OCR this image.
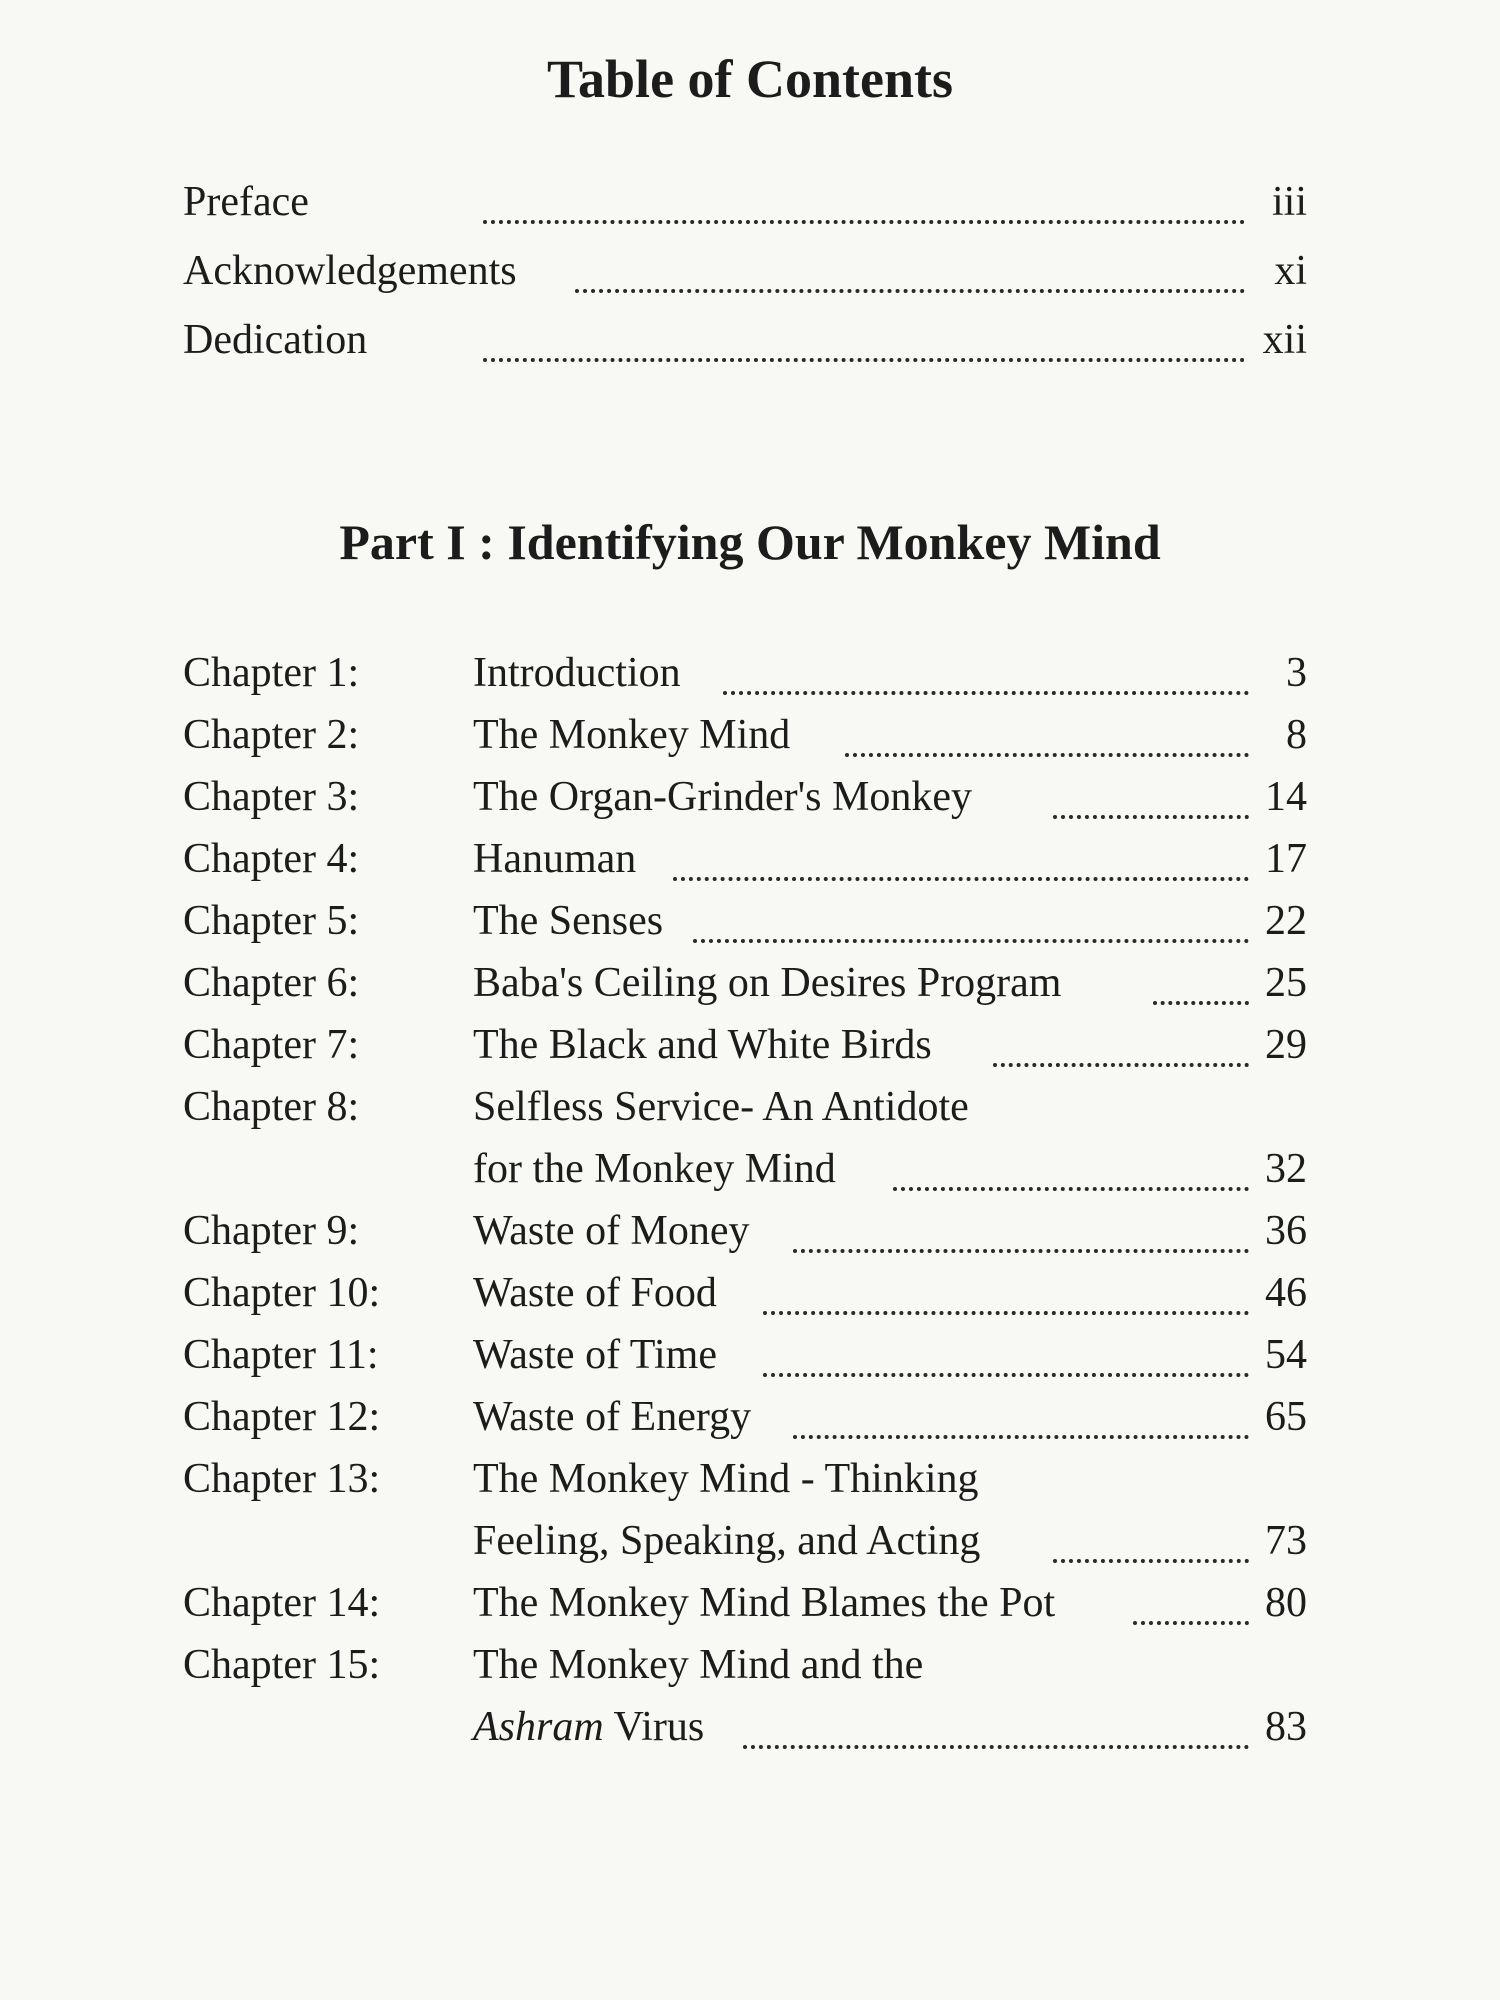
Table of Contents
Preface	iii
Acknowledgements	xi
Dedication	xii
Part I : Identifying Our Monkey Mind
Chapter 1:	Introduction	3
Chapter 2:	The Monkey Mind	8
Chapter 3:	The Organ-Grinder's Monkey	14
Chapter 4:	Hanuman	17
Chapter 5:	The Senses	22
Chapter 6:	Baba's Ceiling on Desires Program	25
Chapter 7:	The Black and White Birds	29
Chapter 8:	Selfless Service- An Antidote
for the Monkey Mind	32
Chapter 9:	Waste of Money	36
Chapter 10: Waste of Food	46
Chapter 11: Waste of Time	54
Chapter 12: Waste of Energy	65
Chapter 13: The Monkey Mind - Thinking
Feeling, Speaking, and Acting	73
Chapter 14: The Monkey Mind Blames the Pot	80
Chapter 15: The Monkey Mind and the
Ashram Virus	83
